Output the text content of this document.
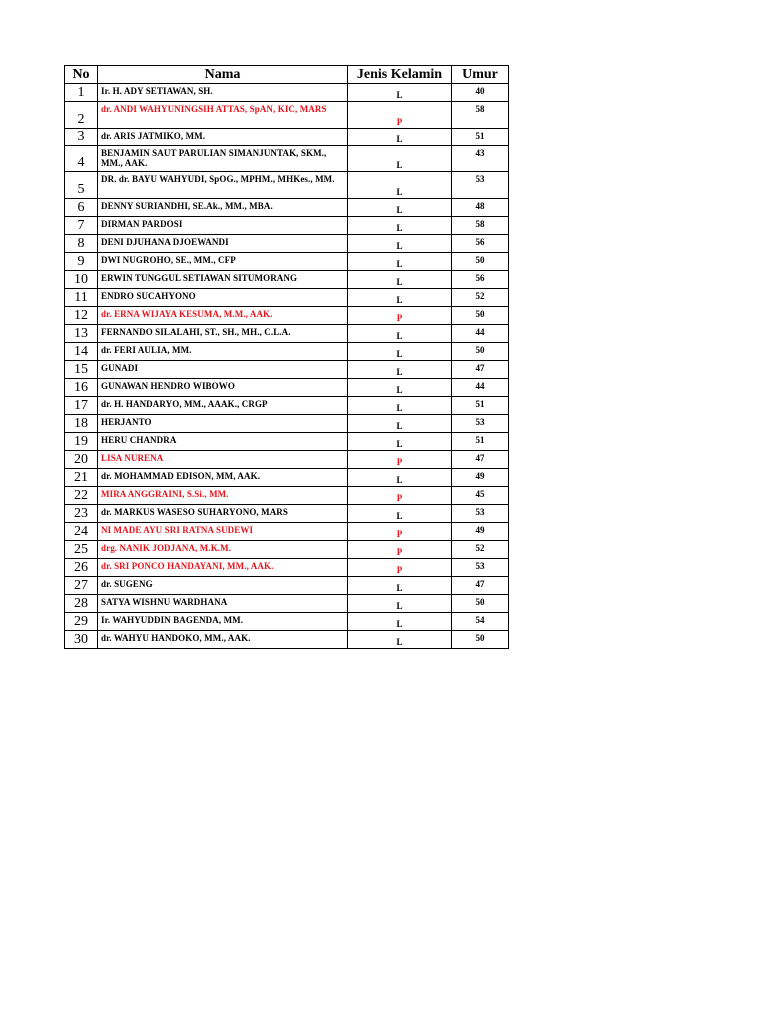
No	Nama	Jenis Kelamin	Umur
1	Ir. H. ADY SETIAWAN, SH.	L	40
2	dr. ANDI WAHYUNINGSIH ATTAS, SpAN, KIC, MARS	P	58
3	dr. ARIS JATMIKO, MM.	L	51
4	BENJAMIN SAUT PARULIAN SIMANJUNTAK, SKM., MM., AAK.	L	43
5	DR. dr. BAYU WAHYUDI, SpOG., MPHM., MHKes., MM.	L	53
6	DENNY SURIANDHI, SE.Ak., MM., MBA.	L	48
7	DIRMAN PARDOSI	L	58
8	DENI DJUHANA DJOEWANDI	L	56
9	DWI NUGROHO, SE., MM., CFP	L	50
10	ERWIN TUNGGUL SETIAWAN SITUMORANG	L	56
11	ENDRO SUCAHYONO	L	52
12	dr. ERNA WIJAYA KESUMA, M.M., AAK.	P	50
13	FERNANDO SILALAHI, ST., SH., MH., C.L.A.	L	44
14	dr. FERI AULIA, MM.	L	50
15	GUNADI	L	47
16	GUNAWAN HENDRO WIBOWO	L	44
17	dr. H. HANDARYO, MM., AAAK., CRGP	L	51
18	HERJANTO	L	53
19	HERU CHANDRA	L	51
20	LISA NURENA	P	47
21	dr. MOHAMMAD EDISON, MM, AAK.	L	49
22	MIRA ANGGRAINI, S.Si., MM.	P	45
23	dr. MARKUS WASESO SUHARYONO, MARS	L	53
24	NI MADE AYU SRI RATNA SUDEWI	P	49
25	drg. NANIK JODJANA, M.K.M.	P	52
26	dr. SRI PONCO HANDAYANI, MM., AAK.	P	53
27	dr. SUGENG	L	47
28	SATYA WISHNU WARDHANA	L	50
29	Ir. WAHYUDDIN BAGENDA, MM.	L	54
30	dr. WAHYU HANDOKO, MM., AAK.	L	50
